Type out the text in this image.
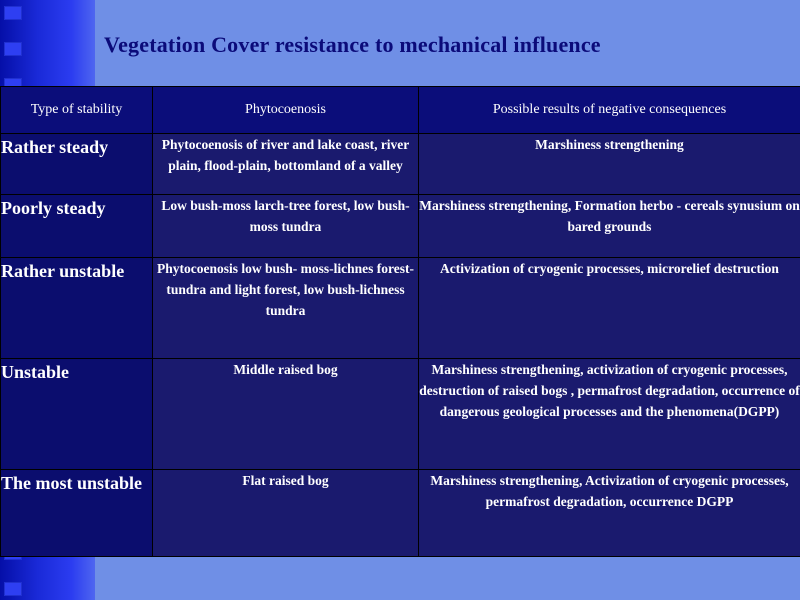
Vegetation Cover resistance to mechanical influence
Type of stability	Phytocoenosis	Possible results of negative consequences
Rather steady	Phytocoenosis of river and lake coast, river plain, flood-plain, bottomland of a valley	Marshiness strengthening
Poorly steady	Low bush-moss larch-tree forest, low bush-moss tundra	Marshiness strengthening, Formation herbo - cereals synusium on bared grounds
Rather unstable	Phytocoenosis low bush- moss-lichnes forest-tundra and light forest, low bush-lichness tundra	Activization of cryogenic processes, microrelief destruction
Unstable	Middle raised bog	Marshiness strengthening, activization of cryogenic processes, destruction of raised bogs , permafrost degradation, occurrence of dangerous geological processes and the phenomena(DGPP)
The most unstable	Flat raised bog	Marshiness strengthening, Activization of cryogenic processes, permafrost degradation, occurrence DGPP
